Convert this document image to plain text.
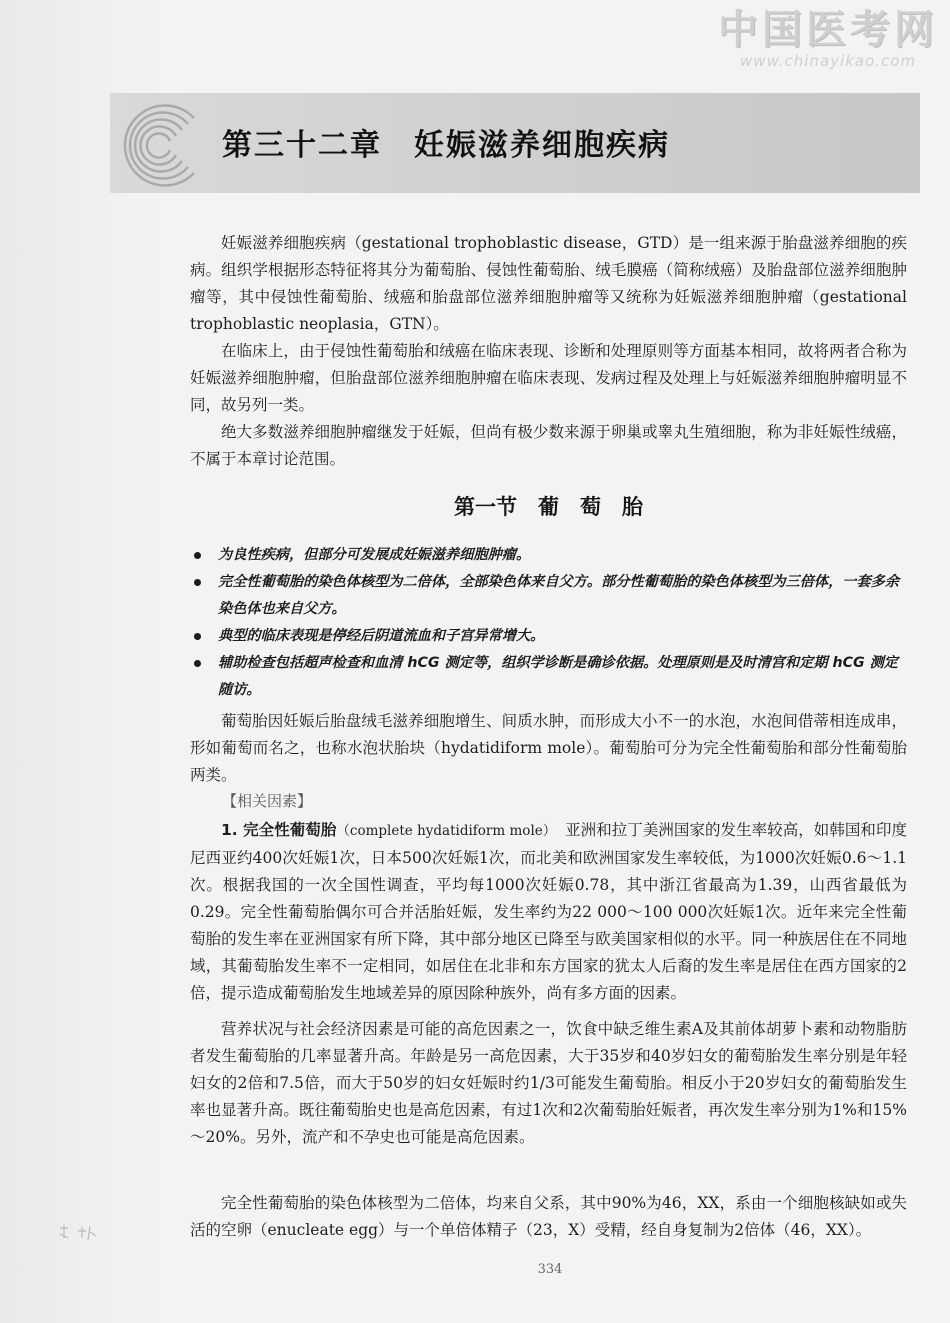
中国医考网
www.chinayikao.com
第三十二章　妊娠滋养细胞疾病

妊娠滋养细胞疾病（gestational trophoblastic disease，GTD）是一组来源于胎盘滋养细胞的疾病。组织学根据形态特征将其分为葡萄胎、侵蚀性葡萄胎、绒毛膜癌（简称绒癌）及胎盘部位滋养细胞肿瘤等，其中侵蚀性葡萄胎、绒癌和胎盘部位滋养细胞肿瘤等又统称为妊娠滋养细胞肿瘤（gestational trophoblastic neoplasia，GTN）。

在临床上，由于侵蚀性葡萄胎和绒癌在临床表现、诊断和处理原则等方面基本相同，故将两者合称为妊娠滋养细胞肿瘤，但胎盘部位滋养细胞肿瘤在临床表现、发病过程及处理上与妊娠滋养细胞肿瘤明显不同，故另列一类。

绝大多数滋养细胞肿瘤继发于妊娠，但尚有极少数来源于卵巢或睾丸生殖细胞，称为非妊娠性绒癌，不属于本章讨论范围。

第一节　葡　萄　胎
为良性疾病，但部分可发展成妊娠滋养细胞肿瘤。
完全性葡萄胎的染色体核型为二倍体，全部染色体来自父方。部分性葡萄胎的染色体核型为三倍体，一套多余染色体也来自父方。
典型的临床表现是停经后阴道流血和子宫异常增大。
辅助检查包括超声检查和血清 hCG 测定等，组织学诊断是确诊依据。处理原则是及时清宫和定期 hCG 测定随访。

葡萄胎因妊娠后胎盘绒毛滋养细胞增生、间质水肿，而形成大小不一的水泡，水泡间借蒂相连成串，形如葡萄而名之，也称水泡状胎块（hydatidiform mole）。葡萄胎可分为完全性葡萄胎和部分性葡萄胎两类。

【相关因素】

1. 完全性葡萄胎（complete hydatidiform mole）　亚洲和拉丁美洲国家的发生率较高，如韩国和印度尼西亚约400次妊娠1次，日本500次妊娠1次，而北美和欧洲国家发生率较低，为1000次妊娠0.6～1.1次。根据我国的一次全国性调查，平均每1000次妊娠0.78，其中浙江省最高为1.39，山西省最低为0.29。完全性葡萄胎偶尔可合并活胎妊娠，发生率约为22 000～100 000次妊娠1次。近年来完全性葡萄胎的发生率在亚洲国家有所下降，其中部分地区已降至与欧美国家相似的水平。同一种族居住在不同地域，其葡萄胎发生率不一定相同，如居住在北非和东方国家的犹太人后裔的发生率是居住在西方国家的2倍，提示造成葡萄胎发生地域差异的原因除种族外，尚有多方面的因素。

营养状况与社会经济因素是可能的高危因素之一，饮食中缺乏维生素A及其前体胡萝卜素和动物脂肪者发生葡萄胎的几率显著升高。年龄是另一高危因素，大于35岁和40岁妇女的葡萄胎发生率分别是年轻妇女的2倍和7.5倍，而大于50岁的妇女妊娠时约1/3可能发生葡萄胎。相反小于20岁妇女的葡萄胎发生率也显著升高。既往葡萄胎史也是高危因素，有过1次和2次葡萄胎妊娠者，再次发生率分别为1%和15%～20%。另外，流产和不孕史也可能是高危因素。

完全性葡萄胎的染色体核型为二倍体，均来自父系，其中90%为46，XX，系由一个细胞核缺如或失活的空卵（enucleate egg）与一个单倍体精子（23，X）受精，经自身复制为2倍体（46，XX）。

334
